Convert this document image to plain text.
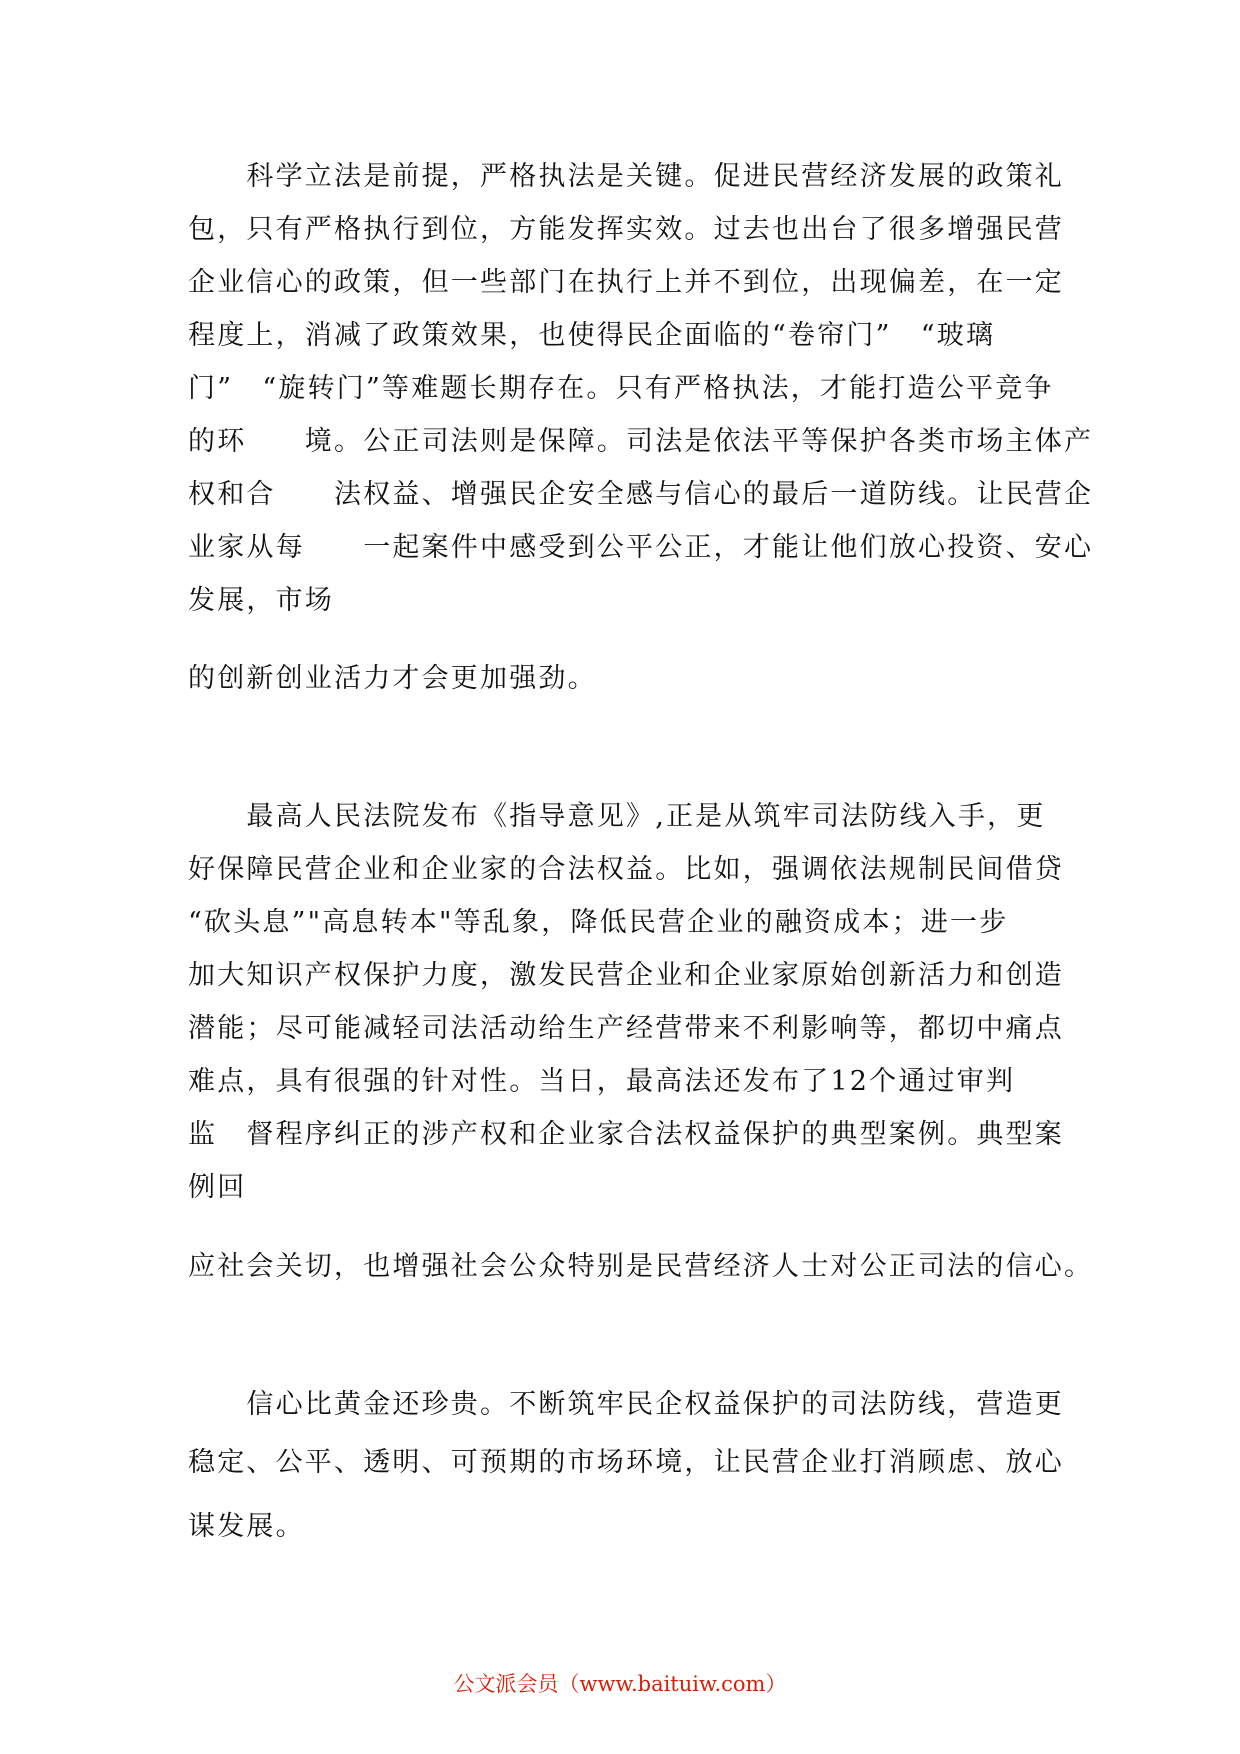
　　科学立法是前提，严格执法是关键。促进民营经济发展的政策礼
包，只有严格执行到位，方能发挥实效。过去也出台了很多增强民营
企业信心的政策，但一些部门在执行上并不到位，出现偏差，在一定
程度上，消减了政策效果，也使得民企面临的“卷帘门”　“玻璃
门”　“旋转门”等难题长期存在。只有严格执法，才能打造公平竞争
的环　　境。公正司法则是保障。司法是依法平等保护各类市场主体产
权和合　　法权益、增强民企安全感与信心的最后一道防线。让民营企
业家从每　　一起案件中感受到公平公正，才能让他们放心投资、安心
发展，市场
的创新创业活力才会更加强劲。
　　最高人民法院发布《指导意见》,正是从筑牢司法防线入手，更
好保障民营企业和企业家的合法权益。比如，强调依法规制民间借贷
“砍头息”"高息转本"等乱象，降低民营企业的融资成本；进一步
加大知识产权保护力度，激发民营企业和企业家原始创新活力和创造
潜能；尽可能减轻司法活动给生产经营带来不利影响等，都切中痛点
难点，具有很强的针对性。当日，最高法还发布了12个通过审判
监　督程序纠正的涉产权和企业家合法权益保护的典型案例。典型案
例回
应社会关切，也增强社会公众特别是民营经济人士对公正司法的信心。
　　信心比黄金还珍贵。不断筑牢民企权益保护的司法防线，营造更
稳定、公平、透明、可预期的市场环境，让民营企业打消顾虑、放心
谋发展。
公文派会员（www.baituiw.com）
